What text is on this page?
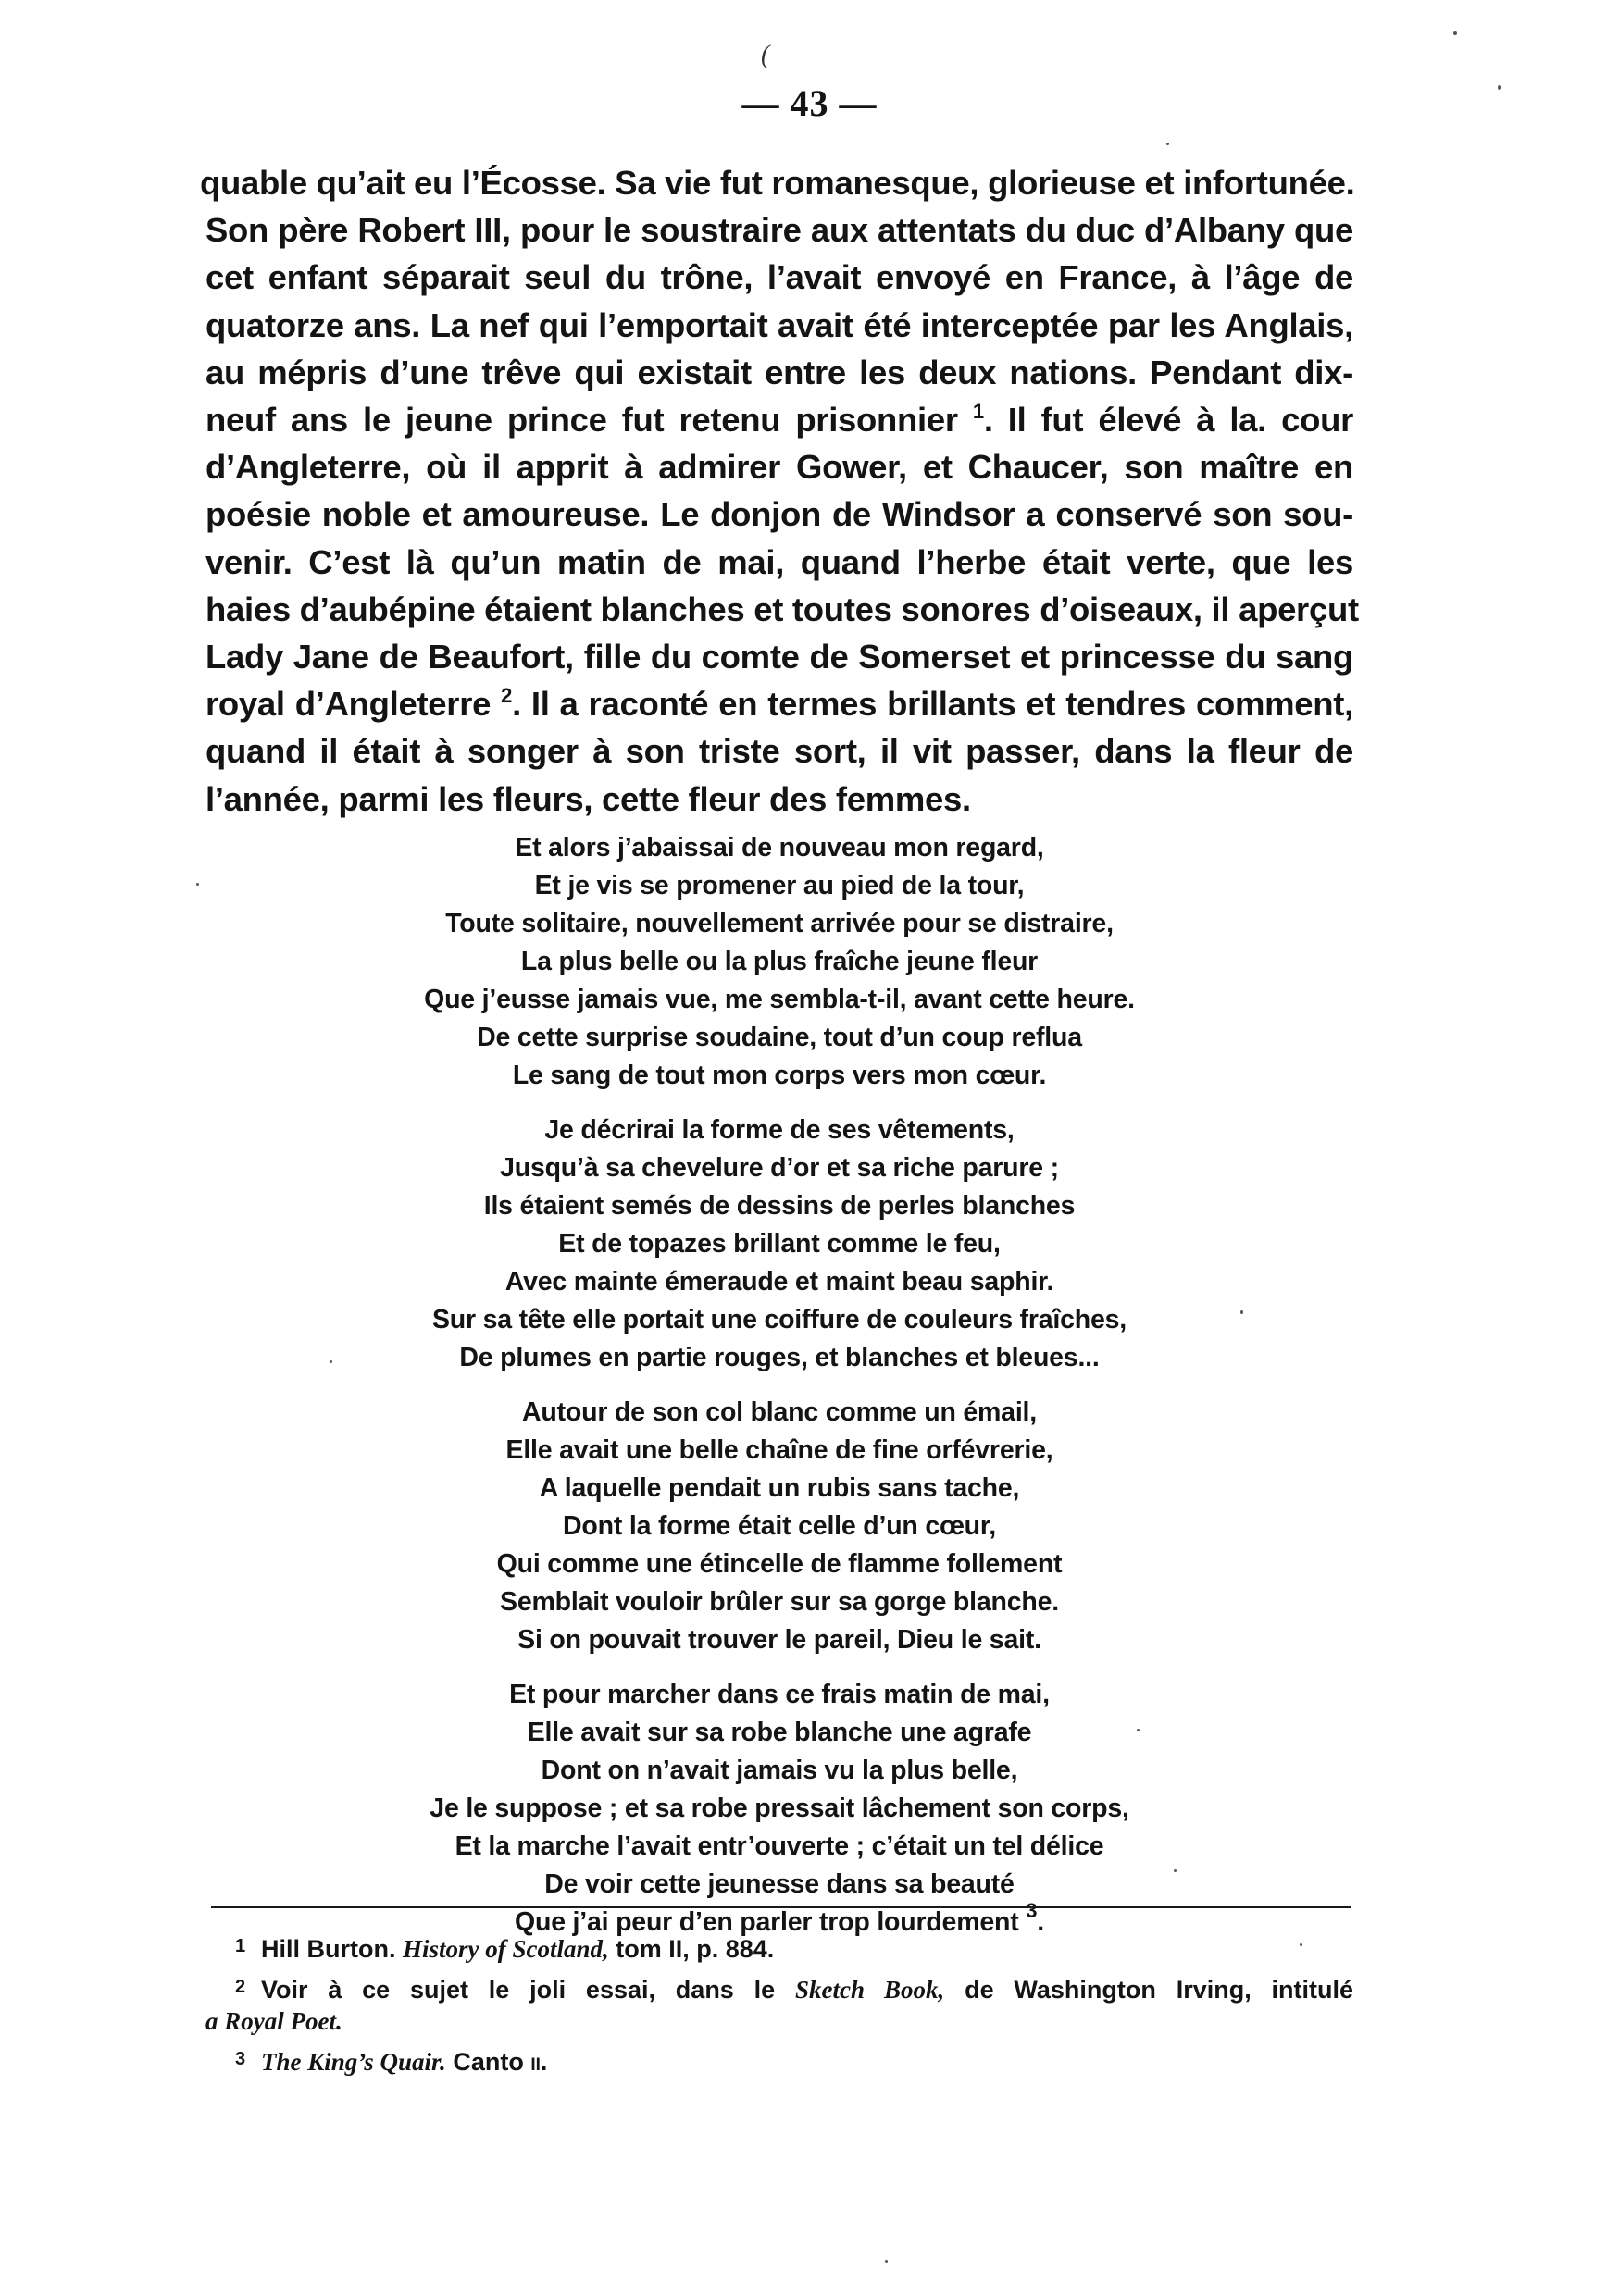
(
— 43 —
quable qu’ait eu l’Écosse. Sa vie fut romanesque, glorieuse et infortunée.
Son père Robert III, pour le soustraire aux attentats du duc d’Albany que
cet enfant séparait seul du trône, l’avait envoyé en France, à l’âge de
quatorze ans. La nef qui l’emportait avait été interceptée par les Anglais,
au mépris d’une trêve qui existait entre les deux nations. Pendant dix-
neuf ans le jeune prince fut retenu prisonnier $^1$. Il fut élevé à la. cour
d’Angleterre, où il apprit à admirer Gower, et Chaucer, son maître en
poésie noble et amoureuse. Le donjon de Windsor a conservé son sou-
venir. C’est là qu’un matin de mai, quand l’herbe était verte, que les
haies d’aubépine étaient blanches et toutes sonores d’oiseaux, il aperçut
Lady Jane de Beaufort, fille du comte de Somerset et princesse du sang
royal d’Angleterre $^2$. Il a raconté en termes brillants et tendres comment,
quand il était à songer à son triste sort, il vit passer, dans la fleur de
l’année, parmi les fleurs, cette fleur des femmes.
Et alors j’abaissai de nouveau mon regard,
Et je vis se promener au pied de la tour,
Toute solitaire, nouvellement arrivée pour se distraire,
La plus belle ou la plus fraîche jeune fleur
Que j’eusse jamais vue, me sembla-t-il, avant cette heure.
De cette surprise soudaine, tout d’un coup reflua
Le sang de tout mon corps vers mon cœur.
Je décrirai la forme de ses vêtements,
Jusqu’à sa chevelure d’or et sa riche parure ;
Ils étaient semés de dessins de perles blanches
Et de topazes brillant comme le feu,
Avec mainte émeraude et maint beau saphir.
Sur sa tête elle portait une coiffure de couleurs fraîches,
De plumes en partie rouges, et blanches et bleues...
Autour de son col blanc comme un émail,
Elle avait une belle chaîne de fine orfévrerie,
A laquelle pendait un rubis sans tache,
Dont la forme était celle d’un cœur,
Qui comme une étincelle de flamme follement
Semblait vouloir brûler sur sa gorge blanche.
Si on pouvait trouver le pareil, Dieu le sait.
Et pour marcher dans ce frais matin de mai,
Elle avait sur sa robe blanche une agrafe
Dont on n’avait jamais vu la plus belle,
Je le suppose ; et sa robe pressait lâchement son corps,
Et la marche l’avait entr’ouverte ; c’était un tel délice
De voir cette jeunesse dans sa beauté
Que j’ai peur d’en parler trop lourdement $^3$.
1 Hill Burton. History of Scotland, tom II, p. 884.
2 Voir à ce sujet le joli essai, dans le Sketch Book, de Washington Irving, intitulé
a Royal Poet.
3 The King’s Quair. Canto ii.
